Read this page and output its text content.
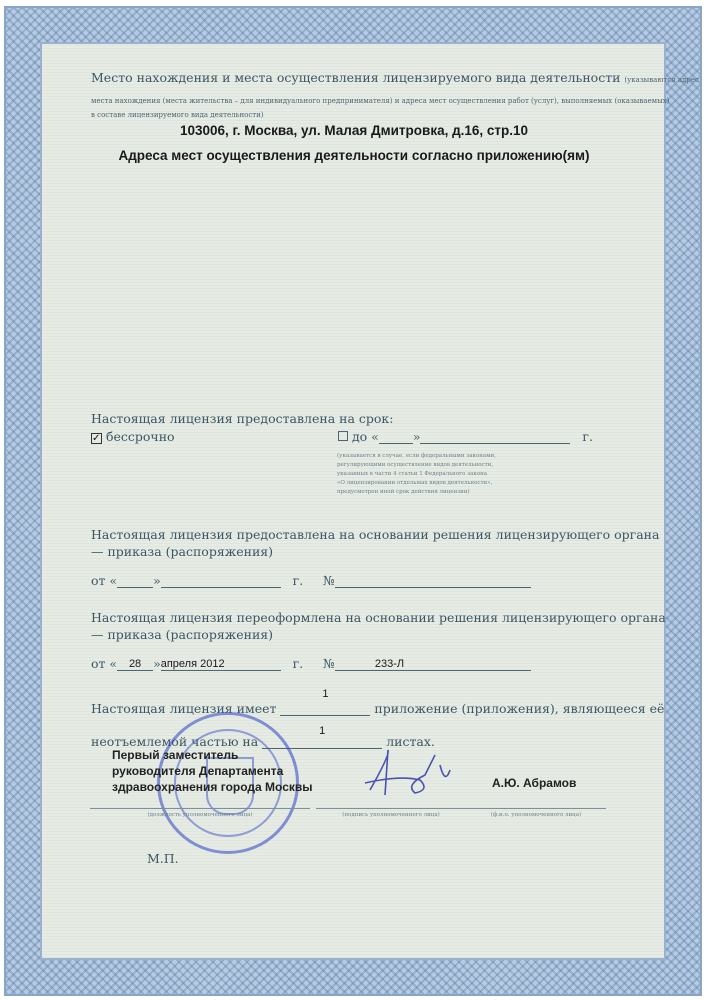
Место нахождения и места осуществления лицензируемого вида деятельности (указываются адрес
места нахождения (места жительства – для индивидуального предпринимателя) и адреса мест осуществления работ (услуг), выполняемых (оказываемых)
в составе лицензируемого вида деятельности)
103006, г. Москва, ул. Малая Дмитровка, д.16, стр.10
Адреса мест осуществления деятельности согласно приложению(ям)
Настоящая лицензия предоставлена на срок:
✓ бессрочно	до «	»	г.
(указывается в случае, если федеральными законами,
регулирующими осуществление видов деятельности,
указанных в части 4 статьи 1 Федерального закона
«О лицензировании отдельных видов деятельности»,
предусмотрен иной срок действия лицензии)
Настоящая лицензия предоставлена на основании решения лицензирующего органа
— приказа (распоряжения)
от «	»	г. №
Настоящая лицензия переоформлена на основании решения лицензирующего органа
— приказа (распоряжения)
от « 28 »апреля 2012	г. №	233-Л
Настоящая лицензия имеет 1 приложение (приложения), являющееся её
неотъемлемой частью на 1 листах.
Первый заместитель
руководителя Департамента
здравоохранения города Москвы	А.Ю. Абрамов
(должность уполномоченного лица)	(подпись уполномоченного лица)	(ф.и.о. уполномоченного лица)
М.П.
